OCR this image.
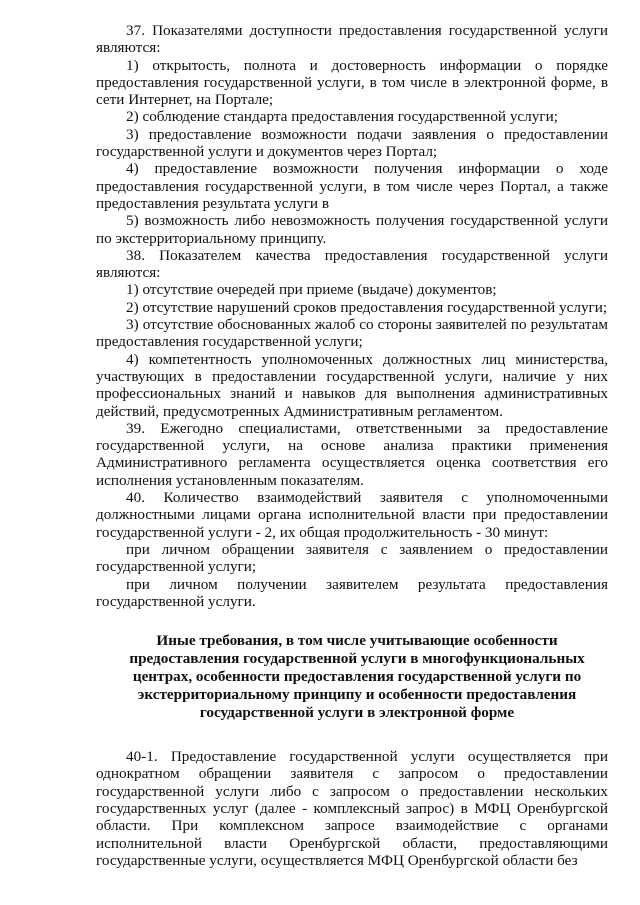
37. Показателями доступности предоставления государственной услуги являются:

1) открытость, полнота и достоверность информации о порядке предоставления государственной услуги, в том числе в электронной форме, в сети Интернет, на Портале;

2) соблюдение стандарта предоставления государственной услуги;

3) предоставление возможности подачи заявления о предоставлении государственной услуги и документов через Портал;

4) предоставление возможности получения информации о ходе предоставления государственной услуги, в том числе через Портал, а также предоставления результата услуги в

5) возможность либо невозможность получения государственной услуги по экстерриториальному принципу.

38. Показателем качества предоставления государственной услуги являются:

1) отсутствие очередей при приеме (выдаче) документов;

2) отсутствие нарушений сроков предоставления государственной услуги;

3) отсутствие обоснованных жалоб со стороны заявителей по результатам предоставления государственной услуги;

4) компетентность уполномоченных должностных лиц министерства, участвующих в предоставлении государственной услуги, наличие у них профессиональных знаний и навыков для выполнения административных действий, предусмотренных Административным регламентом.

39. Ежегодно специалистами, ответственными за предоставление государственной услуги, на основе анализа практики применения Административного регламента осуществляется оценка соответствия его исполнения установленным показателям.

40. Количество взаимодействий заявителя с уполномоченными должностными лицами органа исполнительной власти при предоставлении государственной услуги - 2, их общая продолжительность - 30 минут:

при личном обращении заявителя с заявлением о предоставлении государственной услуги;

при личном получении заявителем результата предоставления государственной услуги.

Иные требования, в том числе учитывающие особенности предоставления государственной услуги в многофункциональных центрах, особенности предоставления государственной услуги по экстерриториальному принципу и особенности предоставления государственной услуги в электронной форме

40-1. Предоставление государственной услуги осуществляется при однократном обращении заявителя с запросом о предоставлении государственной услуги либо с запросом о предоставлении нескольких государственных услуг (далее - комплексный запрос) в МФЦ Оренбургской области. При комплексном запросе взаимодействие с органами исполнительной власти Оренбургской области, предоставляющими государственные услуги, осуществляется МФЦ Оренбургской области без
